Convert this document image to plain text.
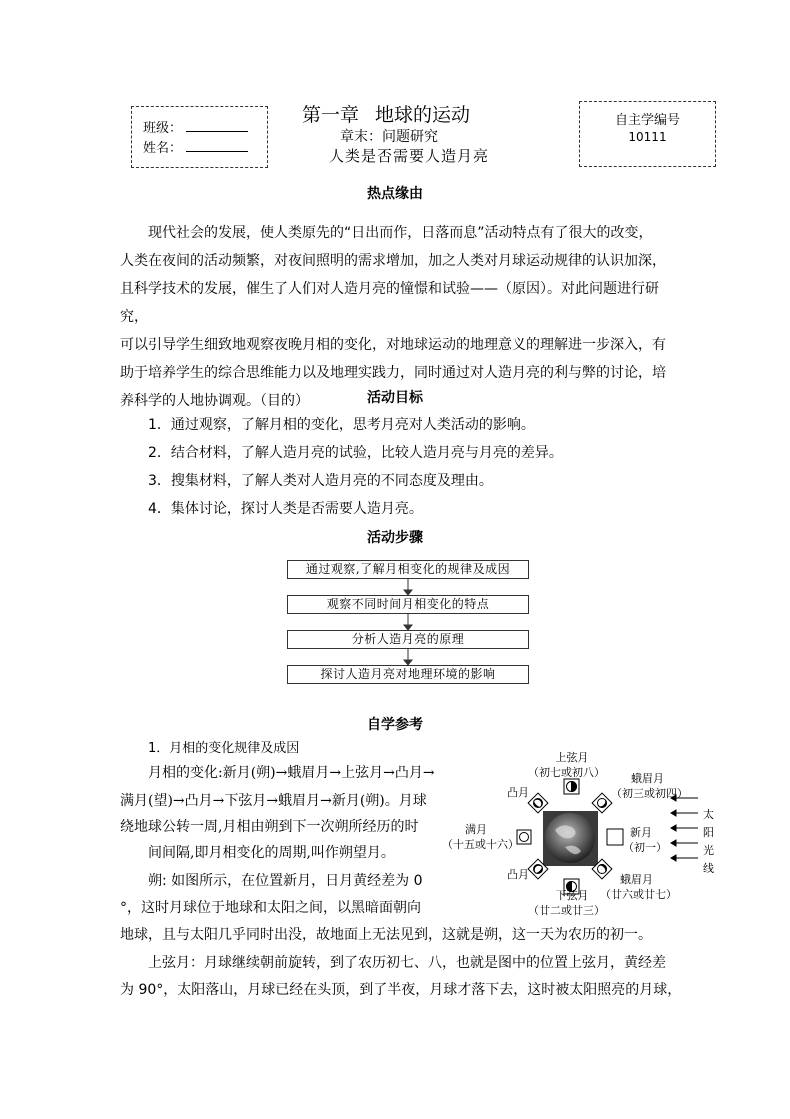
班级：
姓名：
第一章 地球的运动
章末：问题研究
人类是否需要人造月亮
自主学编号
10111
热点缘由

现代社会的发展，使人类原先的“日出而作，日落而息”活动特点有了很大的改变，

人类在夜间的活动频繁，对夜间照明的需求增加，加之人类对月球运动规律的认识加深，

且科学技术的发展，催生了人们对人造月亮的憧憬和试验——（原因）。对此问题进行研究，

可以引导学生细致地观察夜晚月相的变化，对地球运动的地理意义的理解进一步深入，有

助于培养学生的综合思维能力以及地理实践力，同时通过对人造月亮的利与弊的讨论，培

养科学的人地协调观。（目的）	活动目标
1．通过观察，了解月相的变化，思考月亮对人类活动的影响。
2．结合材料，了解人造月亮的试验，比较人造月亮与月亮的差异。
3．搜集材料，了解人类对人造月亮的不同态度及理由。
4．集体讨论，探讨人类是否需要人造月亮。
活动步骤
通过观察,了解月相变化的规律及成因
观察不同时间月相变化的特点
分析人造月亮的原理
探讨人造月亮对地理环境的影响
自学参考
1．月相的变化规律及成因
月相的变化:新月(朔)→蛾眉月→上弦月→凸月→
满月(望)→凸月→下弦月→蛾眉月→新月(朔)。月球
绕地球公转一周,月相由朔到下一次朔所经历的时
间间隔,即月相变化的周期,叫作朔望月。
朔: 如图所示，在位置新月，日月黄经差为 0
°，这时月球位于地球和太阳之间，以黑暗面朝向
地球，且与太阳几乎同时出没，故地面上无法见到，这就是朔，这一天为农历的初一。
上弦月：月球继续朝前旋转，到了农历初七、八，也就是图中的位置上弦月，黄经差
为 90°，太阳落山，月球已经在头顶，到了半夜，月球才落下去，这时被太阳照亮的月球，
上弦月
（初七或初八） 蛾眉月
（初三或初四）
凸月
满月
（十五或十六）
凸月
新月
（初一）
蛾眉月
（廿六或廿七）
下弦月
（廿二或廿三）
太
阳
光
线
